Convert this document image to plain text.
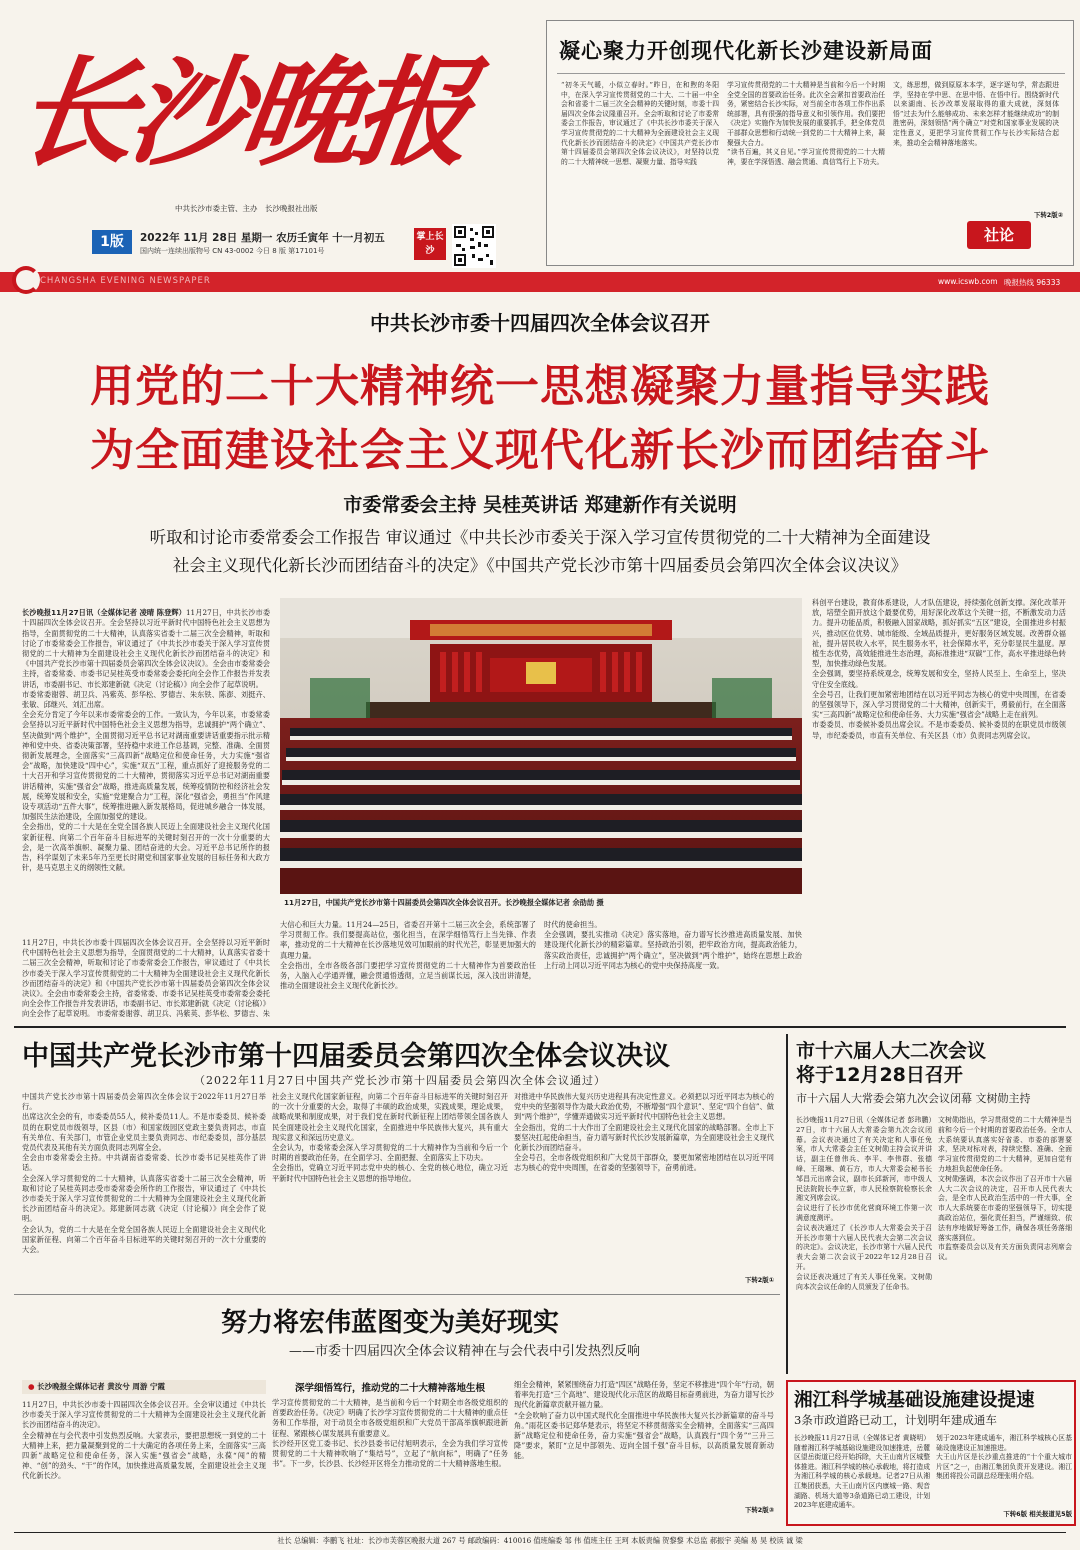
长沙晚报
中共长沙市委主管、主办　长沙晚报社出版
1版	2022年 11月 28日 星期一 农历壬寅年 十一月初五
国内统一连续出版物号 CN 43-0002 今日 8 版 第17101号
掌上长沙
凝心聚力开创现代化新长沙建设新局面
“初冬天气暖，小似立春时。”昨日，在和煦的冬阳中，在深入学习宣传贯彻党的二十大、二十届一中全会和省委十二届三次全会精神的关键时刻，市委十四届四次全体会议隆重召开。全会听取和讨论了市委常委会工作报告，审议通过了《中共长沙市委关于深入学习宣传贯彻党的二十大精神为全面建设社会主义现代化新长沙而团结奋斗的决定》《中国共产党长沙市第十四届委员会第四次全体会议决议》，对坚持以党的二十大精神统一思想、凝聚力量、指导实践
学习宣传贯彻党的二十大精神是当前和今后一个时期全党全国的首要政治任务。此次全会紧扣首要政治任务，紧密结合长沙实际，对当前全市各项工作作出系统部署，具有很强的指导意义和引领作用。我们要把《决定》实施作为加快发展的重要抓手，把全体党员干部群众思想和行动统一到党的二十大精神上来，凝聚强大合力。
“读书百遍，其义自见。”学习宣传贯彻党的二十大精神，要在学深悟透、融会贯通、真信笃行上下功夫。
文，练思想，做到原原本本学，逐字逐句学，常态跟进学，坚持在学中思、在思中悟、在悟中行。围绕新时代以来湖南、长沙改革发展取得的重大成就，深刻体悟“过去为什么能够成功、未来怎样才能继续成功”的制胜密码，深刻领悟“两个确立”对党和国家事业发展的决定性意义，更把学习宣传贯彻工作与长沙实际结合起来，推动全会精神落地落实。
下转2版②
社论
CHANGSHA EVENING NEWSPAPER	www.icswb.com 晚报热线 96333
中共长沙市委十四届四次全体会议召开
用党的二十大精神统一思想凝聚力量指导实践
为全面建设社会主义现代化新长沙而团结奋斗
市委常委会主持 吴桂英讲话 郑建新作有关说明
听取和讨论市委常委会工作报告 审议通过《中共长沙市委关于深入学习宣传贯彻党的二十大精神为全面建设
社会主义现代化新长沙而团结奋斗的决定》《中国共产党长沙市第十四届委员会第四次全体会议决议》

长沙晚报11月27日讯（全媒体记者 凌晴 陈登辉）11月27日，中共长沙市委十四届四次全体会议召开。全会坚持以习近平新时代中国特色社会主义思想为指导，全面贯彻党的二十大精神，认真落实省委十二届三次全会精神，听取和讨论了市委常委会工作报告，审议通过了《中共长沙市委关于深入学习宣传贯彻党的二十大精神为全面建设社会主义现代化新长沙而团结奋斗的决定》和《中国共产党长沙市第十四届委员会第四次全体会议决议》。全会由市委常委会主持，省委常委、市委书记吴桂英受市委常委会委托向全会作工作报告并发表讲话，市委副书记、市长郑建新就《决定（讨论稿）》向全会作了起草说明。
市委常委谢蓉、胡卫兵、冯紫英、彭华松、罗德吉、朱东铁、陈澎、刘挺卉、张敏、邱继兴、刘汇出席。
全会充分肯定了今年以来市委常委会的工作。一致认为，今年以来，市委常委会坚持以习近平新时代中国特色社会主义思想为指导，忠诚拥护“两个确立”、坚决做到“两个维护”，全面贯彻习近平总书记对湖南重要讲话重要指示批示精神和党中央、省委决策部署，坚持稳中求进工作总基调，完整、准确、全面贯彻新发展理念，全面落实“三高四新”战略定位和使命任务，大力实施“强省会”战略，加快建设“四中心”，实施“双五”工程，重点抓好了迎接服务党的二十大召开和学习宣传贯彻党的二十大精神，贯彻落实习近平总书记对湖南重要讲话精神，实施“强省会”战略，推进高质量发展，统筹疫情防控和经济社会发展，统筹发展和安全，实施“党建聚合力”工程，深化“强省会，勇担当”作风建设专项活动“五件大事”，统筹推进融入新发展格局，促进城乡融合一体发展，加强民生法治建设，全面加强党的建设。
全会指出，党的二十大是在全党全国各族人民迈上全面建设社会主义现代化国家新征程、向第二个百年奋斗目标进军的关键时刻召开的一次十分重要的大会，是一次高举旗帜、凝聚力量、团结奋进的大会。习近平总书记所作的报告，科学谋划了未来5年乃至更长时期党和国家事业发展的目标任务和大政方针，是马克思主义的纲领性文献。

11月27日，中国共产党长沙市第十四届委员会第四次全体会议召开。长沙晚报全媒体记者 余劭劼 摄
大信心和巨大力量。11月24—25日，省委召开第十二届三次全会，系统部署了学习贯彻工作。我们要提高站位，强化担当，在深学细悟笃行上当先锋、作表率，推动党的二十大精神在长沙落地见效可加眼前的时代光芒，彰显更加强大的真理力量。
全会指出，全市各级各部门要把学习宣传贯彻党的二十大精神作为首要政治任务，入脑入心学通弄懂，融会贯通悟透彻，立足当前谋长远，深入浅出讲清楚，推动全面建设社会主义现代化新长沙。
时代的使命担当。
全会强调，要扎实推动《决定》落实落地，奋力谱写长沙推进高质量发展、加快建设现代化新长沙的精彩篇章。坚持政治引领，把牢政治方向，提高政治能力，落实政治责任，忠诚拥护“两个确立”，坚决做到“两个维护”，始终在思想上政治上行动上同以习近平同志为核心的党中央保持高度一致。
11月27日，中共长沙市委十四届四次全体会议召开。全会坚持以习近平新时代中国特色社会主义思想为指导，全面贯彻党的二十大精神，认真落实省委十二届三次全会精神，听取和讨论了市委常委会工作报告，审议通过了《中共长沙市委关于深入学习宣传贯彻党的二十大精神为全面建设社会主义现代化新长沙而团结奋斗的决定》和《中国共产党长沙市第十四届委员会第四次全体会议决议》。全会由市委常委会主持，省委常委、市委书记吴桂英受市委常委会委托向全会作工作报告并发表讲话，市委副书记、市长郑建新就《决定（讨论稿）》向全会作了起草说明。 市委常委谢蓉、胡卫兵、冯紫英、彭华松、罗德吉、朱
科创平台建设，教育体系建设，人才队伍建设，持续强化创新支撑。深化改革开放，培塑全面开放这个最要优势，用好深化改革这个关键一招，不断激发动力活力。提升功能品质，积极融入国家战略，抓好抓实“五区”建设，全面推进乡村振兴，推动区位优势、城市能级、全域品质提升，更好服务区域发展。改善群众福祉，提升居民收入水平，民生服务水平，社会保障水平，充分彰显民生温度。厚植生态优势，高效能推进生态治理，高标准推进“双碳”工作，高水平推进绿色转型，加快推动绿色发展。
全会强调，要坚持系统观念，统筹发展和安全，坚持人民至上、生命至上，坚决守住安全底线。
全会号召，让我们更加紧密地团结在以习近平同志为核心的党中央周围，在省委的坚强领导下，深入学习贯彻党的二十大精神，创新实干，勇毅前行，在全面落实“三高四新”战略定位和使命任务、大力实施“强省会”战略上走在前列。
市委委员、市委候补委员出席会议。不是市委委员、候补委员的在职党员市级领导，市纪委委员，市直有关单位、有关区县（市）负责同志列席会议。
中国共产党长沙市第十四届委员会第四次全体会议决议
（2022年11月27日中国共产党长沙市第十四届委员会第四次全体会议通过）
中国共产党长沙市第十四届委员会第四次全体会议于2022年11月27日举行。
出席这次全会的有，市委委员55人，候补委员11人。不是市委委员、候补委员的在职党员市级领导，区县（市）和国家级园区党政主要负责同志，市直有关单位、有关部门，市管企业党员主要负责同志、市纪委委员，部分基层党员代表及其他有关方面负责同志列席全会。
全会由市委常委会主持。中共湖南省委常委、长沙市委书记吴桂英作了讲话。
全会深入学习贯彻党的二十大精神，认真落实省委十二届三次全会精神，听取和讨论了吴桂英同志受市委常委会所作的工作报告，审议通过了《中共长沙市委关于深入学习宣传贯彻党的二十大精神为全面建设社会主义现代化新长沙而团结奋斗的决定》。郑建新同志就《决定（讨论稿）》向全会作了说明。
全会认为，党的二十大是在全党全国各族人民迈上全面建设社会主义现代化国家新征程、向第二个百年奋斗目标进军的关键时刻召开的一次十分重要的大会。
社会主义现代化国家新征程，向第二个百年奋斗目标进军的关键时刻召开的一次十分重要的大会，取得了丰硕的政治成果，实践成果，理论成果，战略成果和制度成果，对于我们党在新时代新征程上团结带领全国各族人民全面建设社会主义现代化国家，全面推进中华民族伟大复兴，具有重大现实意义和深远历史意义。
全会认为，市委常委会深入学习贯彻党的二十大精神作为当前和今后一个时期的首要政治任务，在全面学习、全面把握、全面落实上下功夫。
全会指出，党确立习近平同志党中央的核心、全党的核心地位，确立习近平新时代中国特色社会主义思想的指导地位。
对推进中华民族伟大复兴历史进程具有决定性意义。必须把以习近平同志为核心的党中央的坚强领导作为最大政治优势，不断增强“四个意识”、坚定“四个自信”、做到“两个维护”，学懂弄通做实习近平新时代中国特色社会主义思想。
全会指出，党的二十大作出了全面建设社会主义现代化国家的战略部署。全市上下要坚决扛起使命担当，奋力谱写新时代长沙发展新篇章，为全面建设社会主义现代化新长沙而团结奋斗。
全会号召，全市各级党组织和广大党员干部群众，要更加紧密地团结在以习近平同志为核心的党中央周围，在省委的坚强领导下，奋勇前进。
下转2版①
市十六届人大二次会议
将于12月28日召开
市十六届人大常委会第九次会议闭幕 文树勋主持
长沙晚报11月27日讯（全媒体记者 彭玮鹏）27日，市十六届人大常委会第九次会议闭幕。会议表决通过了有关决定和人事任免案，市人大常委会主任文树勋主持会议并讲话，副主任曾伟兵、李平、李伟群、张德峰、王瑞琳、黄石方，市人大常委会秘书长邹昌元出席会议，副市长邱新河，市中级人民法院院长李立新，市人民检察院检察长余湘文列席会议。
会议进行了长沙市优化营商环境工作第一次满意度测评。
会议表决通过了《长沙市人大常委会关于召开长沙市第十六届人民代表大会第二次会议的决定》。会议决定，长沙市第十六届人民代表大会第二次会议于2022年12月28日召开。
会议还表决通过了有关人事任免案。文树勋向本次会议任命的人员颁发了任命书。
文树勋指出，学习贯彻党的二十大精神是当前和今后一个时期的首要政治任务。全市人大系统要认真落实好省委、市委的部署要求，坚决对标对表，持续完整、准确、全面学习宣传贯彻党的二十大精神，更加自觉有力地担负起使命任务。
文树勋强调，本次会议作出了召开市十六届人大二次会议的决定，召开市人民代表大会，是全市人民政治生活中的一件大事，全市人大系统要在市委的坚强领导下，切实提高政治站位，强化责任担当，严谨细致、依法有序地做好筹备工作，确保各项任务落细落实落到位。
市监察委员会以及有关方面负责同志列席会议。
努力将宏伟蓝图变为美好现实
——市委十四届四次全体会议精神在与会代表中引发热烈反响
● 长沙晚报全媒体记者 黄汝兮 周游 宁霞
11月27日，中共长沙市委十四届四次全体会议召开。全会审议通过《中共长沙市委关于深入学习宣传贯彻党的二十大精神为全面建设社会主义现代化新长沙而团结奋斗的决定》。
全会精神在与会代表中引发热烈反响。大家表示，要把思想统一到党的二十大精神上来，把力量凝聚到党的二十大确定的各项任务上来，全面落实“三高四新”战略定位和使命任务，深入实施“强省会”战略，永葆“闯”的精神、“创”的劲头、“干”的作风，加快推进高质量发展，全面建设社会主义现代化新长沙。
深学细悟笃行，推动党的二十大精神落地生根
学习宣传贯彻党的二十大精神，是当前和今后一个时期全市各级党组织的首要政治任务。《决定》明确了长沙学习宣传贯彻党的二十大精神的重点任务和工作举措，对于动员全市各级党组织和广大党员干部高举旗帜跟进新征程、紧跟核心谋发展具有重要意义。
长沙经开区党工委书记、长沙县委书记付旭明表示，全会为我们学习宣传贯彻党的二十大精神吹响了“集结号”，立起了“航向标”，明确了“任务书”。下一步，长沙县、长沙经开区将全力推动党的二十大精神落地生根。
细全会精神，紧紧围绕奋力打造“四区”战略任务，坚定不移推进“四个年”行动，朝着率先打造“三个高地”、建设现代化示范区的战略目标奋勇前进，为奋力谱写长沙现代化新篇章贡献开福力量。
“全会吹响了奋力以中国式现代化全面推进中华民族伟大复兴长沙新篇章的奋斗号角。”雨花区委书记郑华楚表示，将坚定不移贯彻落实全会精神，全面落实“三高四新”战略定位和使命任务，奋力实施“强省会”战略，认真践行“四个务”“三升三降”要求，紧盯“立足中部领先、迈向全国千强”奋斗目标，以高质量发展育新动能。
下转2版③
湘江科学城基础设施建设提速
3条市政道路已动工，计划明年建成通车
长沙晚报11月27日讯（全媒体记者 黄晓明）随着湘江科学城基础设施建设加速推进，岳麓区望岳街道已经开始拆除，大王山南片区城整体推进。湘江科学城的核心承载地，将打造成为湘江科学城的核心承载地。记者27日从湘江集团获悉，大王山南片区内康城一路、观音湖路、机场大道等3条道路已动工建设，计划2023年底建成通车。
划于2023年建成通车，湘江科学城核心区基础设施建设正加速推进。
大王山片区是长沙重点推进的“十个重大城市片区”之一，由湘江集团负责开发建设。湘江集团将投公司副总经理张明介绍。
下转6版 相关报道见5版
社长 总编辑：李鹏飞 社址：长沙市芙蓉区晚报大道 267 号 邮政编码：410016 值班编委 邹 伟 值班主任 王珂 本版责编 贺黎黎 术总监 郝振宇 美编 易 昊 校读 诚 梁
